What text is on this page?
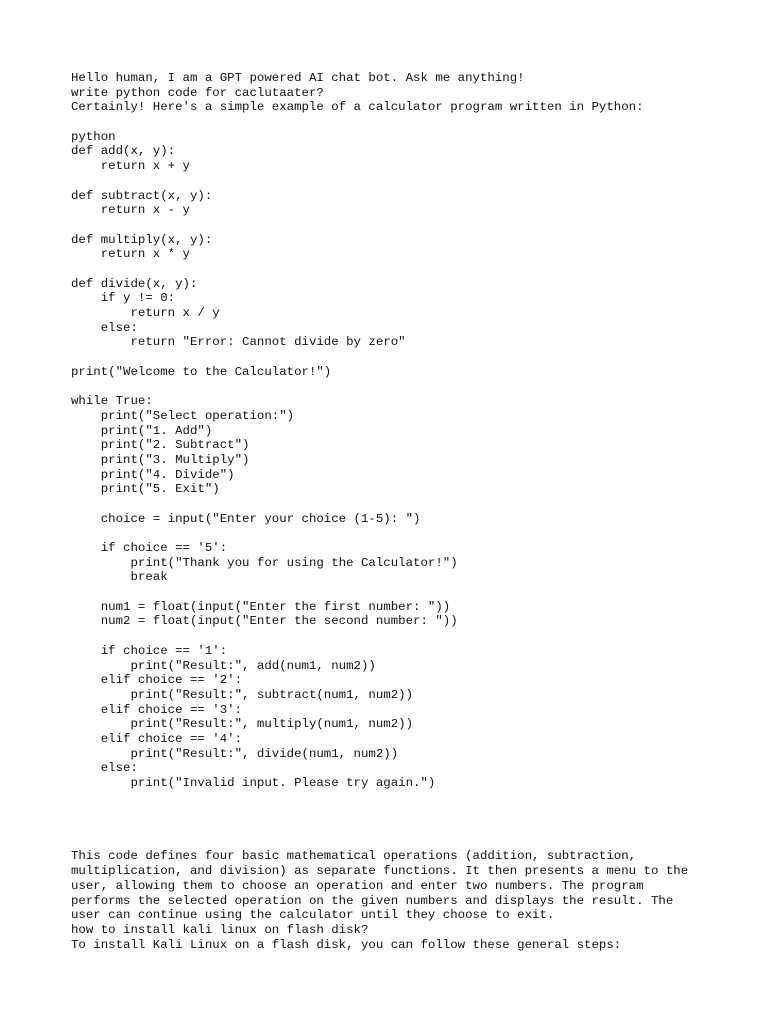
Hello human, I am a GPT powered AI chat bot. Ask me anything!
write python code for caclutaater?
Certainly! Here's a simple example of a calculator program written in Python:
python
def add(x, y):
return x + y
def subtract(x, y):
return x - y
def multiply(x, y):
return x * y
def divide(x, y):
if y != 0:
return x / y
else:
return "Error: Cannot divide by zero"
print("Welcome to the Calculator!")
while True:
print("Select operation:")
print("1. Add")
print("2. Subtract")
print("3. Multiply")
print("4. Divide")
print("5. Exit")
choice = input("Enter your choice (1-5): ")
if choice == '5':
print("Thank you for using the Calculator!")
break
num1 = float(input("Enter the first number: "))
num2 = float(input("Enter the second number: "))
if choice == '1':
print("Result:", add(num1, num2))
elif choice == '2':
print("Result:", subtract(num1, num2))
elif choice == '3':
print("Result:", multiply(num1, num2))
elif choice == '4':
print("Result:", divide(num1, num2))
else:
print("Invalid input. Please try again.")
This code defines four basic mathematical operations (addition, subtraction,
multiplication, and division) as separate functions. It then presents a menu to the
user, allowing them to choose an operation and enter two numbers. The program
performs the selected operation on the given numbers and displays the result. The
user can continue using the calculator until they choose to exit.
how to install kali linux on flash disk?
To install Kali Linux on a flash disk, you can follow these general steps:
